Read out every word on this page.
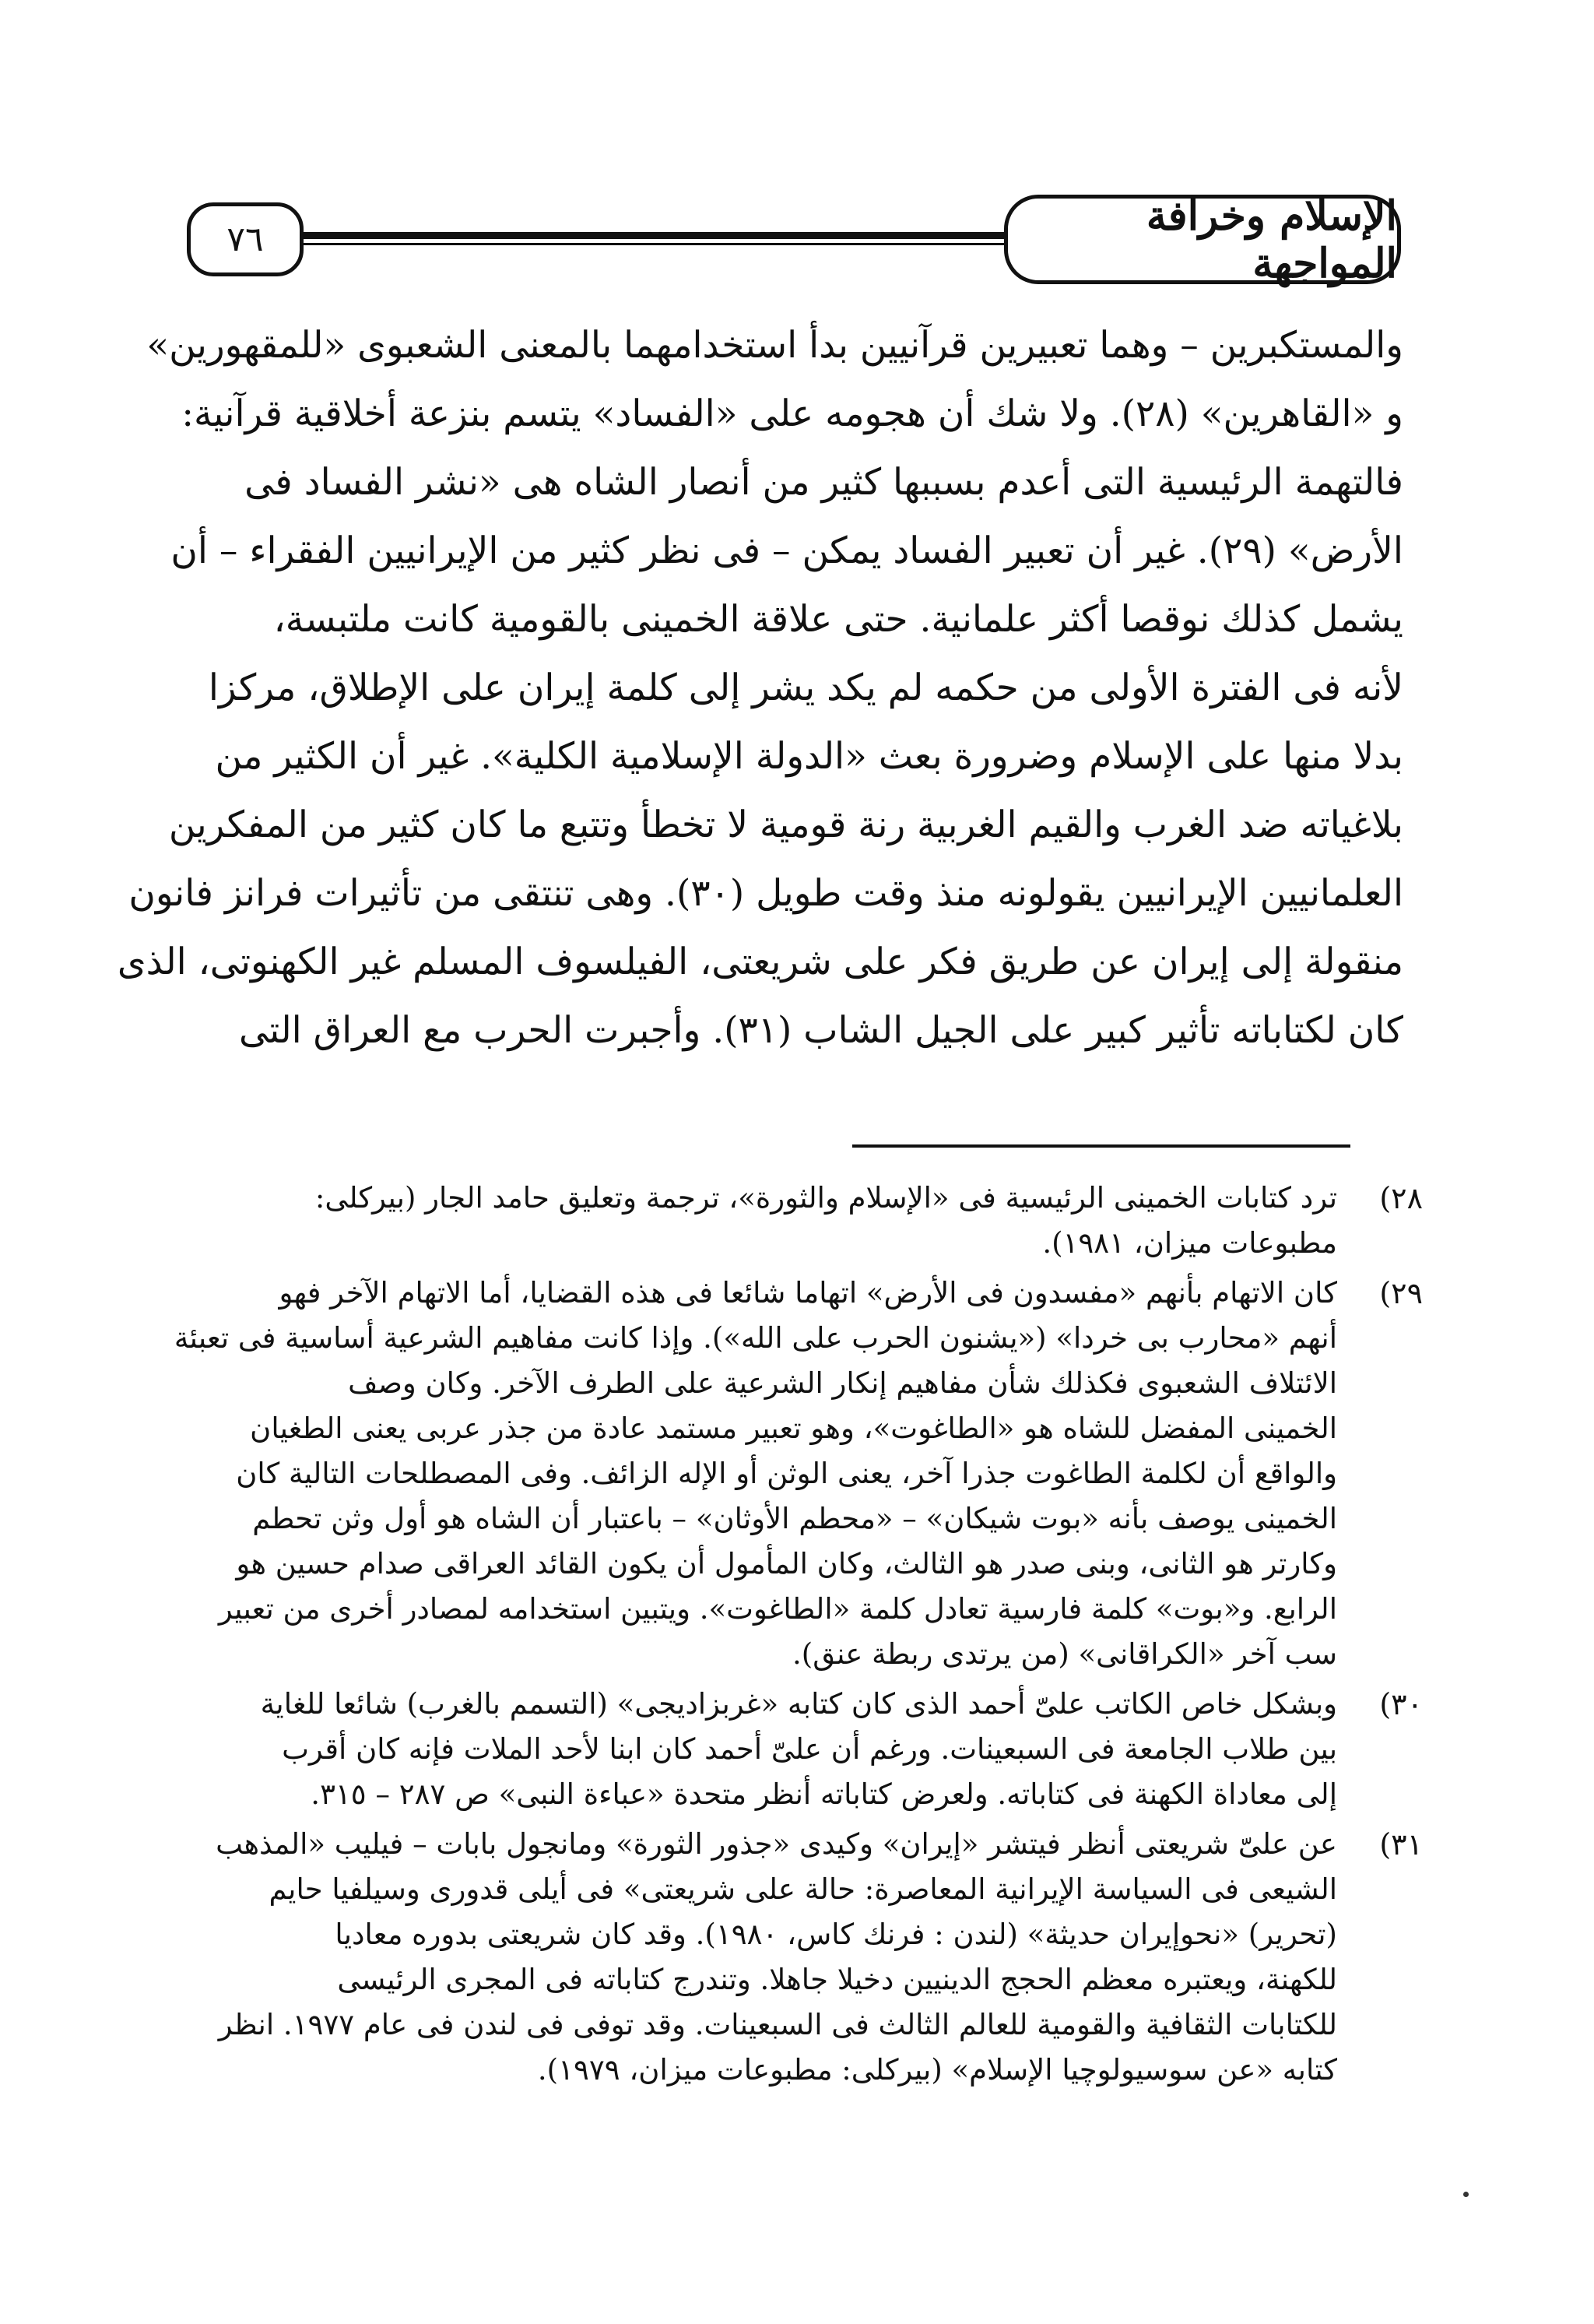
٧٦	الإسلام وخرافة المواجهة
والمستكبرين – وهما تعبيرين قرآنيين بدأ استخدامهما بالمعنى الشعبوى «للمقهورين»
و «القاهرين» (٢٨). ولا شك أن هجومه على «الفساد» يتسم بنزعة أخلاقية قرآنية:
فالتهمة الرئيسية التى أعدم بسببها كثير من أنصار الشاه هى «نشر الفساد فى
الأرض» (٢٩). غير أن تعبير الفساد يمكن – فى نظر كثير من الإيرانيين الفقراء – أن
يشمل كذلك نوقصا أكثر علمانية. حتى علاقة الخمينى بالقومية كانت ملتبسة،
لأنه فى الفترة الأولى من حكمه لم يكد يشر إلى كلمة إيران على الإطلاق، مركزا
بدلا منها على الإسلام وضرورة بعث «الدولة الإسلامية الكلية». غير أن الكثير من
بلاغياته ضد الغرب والقيم الغربية رنة قومية لا تخطأ وتتبع ما كان كثير من المفكرين
العلمانيين الإيرانيين يقولونه منذ وقت طويل (٣٠). وهى تنتقى من تأثيرات فرانز فانون
منقولة إلى إيران عن طريق فكر على شريعتى، الفيلسوف المسلم غير الكهنوتى، الذى
كان لكتاباته تأثير كبير على الجيل الشاب (٣١). وأجبرت الحرب مع العراق التى
٢٨)
ترد كتابات الخمينى الرئيسية فى «الإسلام والثورة»، ترجمة وتعليق حامد الجار (بيركلى:
مطبوعات ميزان، ١٩٨١).
٢٩)
كان الاتهام بأنهم «مفسدون فى الأرض» اتهاما شائعا فى هذه القضايا، أما الاتهام الآخر فهو
أنهم «محارب بى خردا» («يشنون الحرب على الله»). وإذا كانت مفاهيم الشرعية أساسية فى تعبئة
الائتلاف الشعبوى فكذلك شأن مفاهيم إنكار الشرعية على الطرف الآخر. وكان وصف
الخمينى المفضل للشاه هو «الطاغوت»، وهو تعبير مستمد عادة من جذر عربى يعنى الطغيان
والواقع أن لكلمة الطاغوت جذرا آخر، يعنى الوثن أو الإله الزائف. وفى المصطلحات التالية كان
الخمينى يوصف بأنه «بوت شيكان» – «محطم الأوثان» – باعتبار أن الشاه هو أول وثن تحطم
وكارتر هو الثانى، وبنى صدر هو الثالث، وكان المأمول أن يكون القائد العراقى صدام حسين هو
الرابع. و«بوت» كلمة فارسية تعادل كلمة «الطاغوت». ويتبين استخدامه لمصادر أخرى من تعبير
سب آخر «الكراقانى» (من يرتدى ربطة عنق).
٣٠)
وبشكل خاص الكاتب علىّ أحمد الذى كان كتابه «غربزاديجى» (التسمم بالغرب) شائعا للغاية
بين طلاب الجامعة فى السبعينات. ورغم أن علىّ أحمد كان ابنا لأحد الملات فإنه كان أقرب
إلى معاداة الكهنة فى كتاباته. ولعرض كتاباته أنظر متحدة «عباءة النبى» ص ٢٨٧ – ٣١٥.
٣١)
عن علىّ شريعتى أنظر فيتشر «إيران» وكيدى «جذور الثورة» ومانجول بابات – فيليب «المذهب
الشيعى فى السياسة الإيرانية المعاصرة: حالة على شريعتى» فى أيلى قدورى وسيلفيا حايم
(تحرير) «نحوإيران حديثة» (لندن : فرنك كاس، ١٩٨٠). وقد كان شريعتى بدوره معاديا
للكهنة، ويعتبره معظم الحجج الدينيين دخيلا جاهلا. وتندرج كتاباته فى المجرى الرئيسى
للكتابات الثقافية والقومية للعالم الثالث فى السبعينات. وقد توفى فى لندن فى عام ١٩٧٧. انظر
كتابه «عن سوسيولوچيا الإسلام» (بيركلى: مطبوعات ميزان، ١٩٧٩).
